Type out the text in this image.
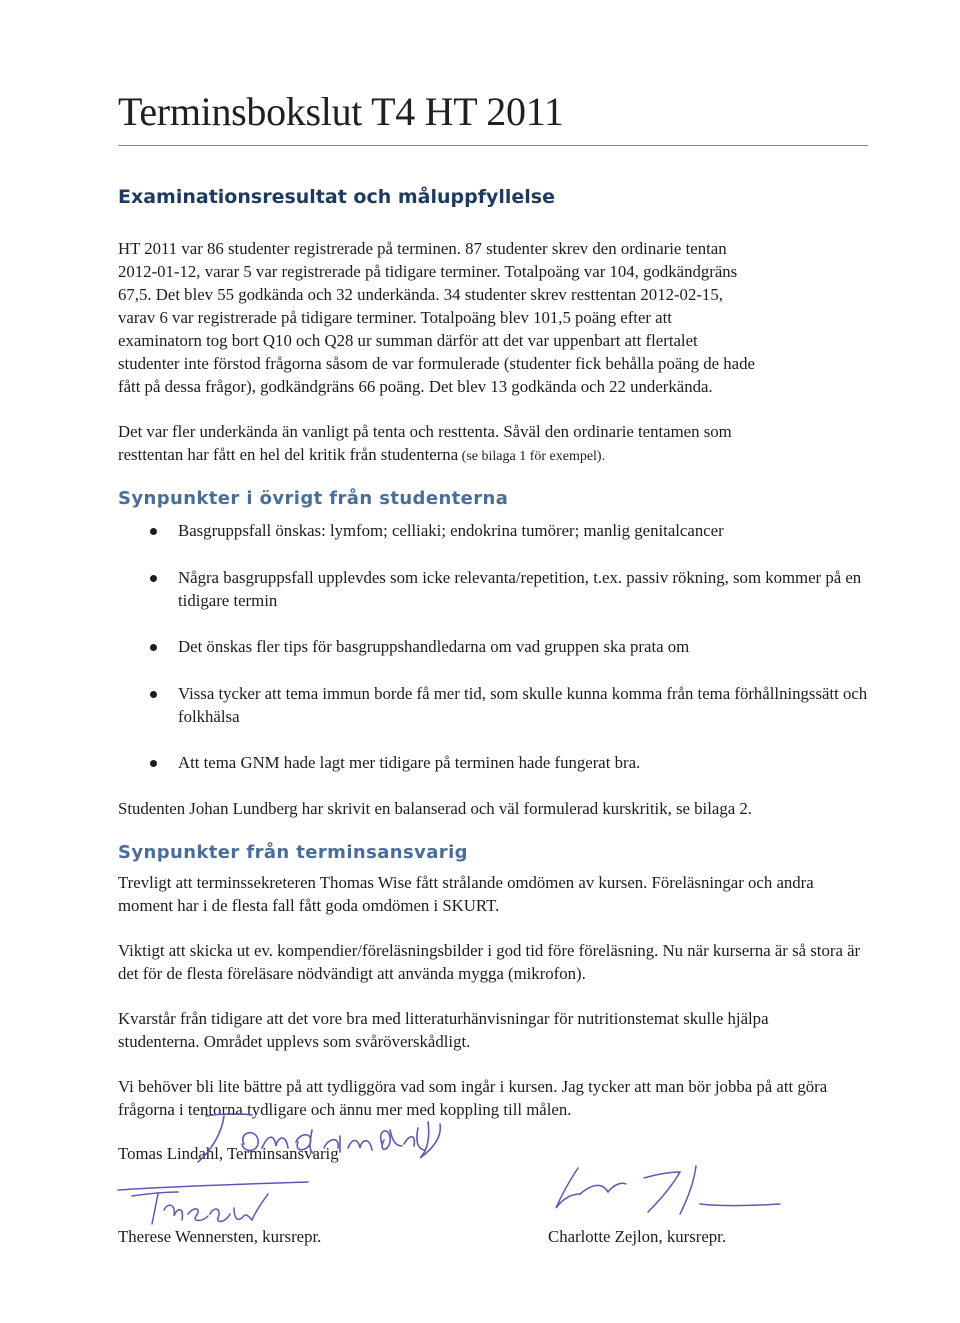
Terminsbokslut T4 HT 2011
Examinationsresultat och måluppfyllelse

HT 2011 var 86 studenter registrerade på terminen. 87 studenter skrev den ordinarie tentan
2012-01-12, varar 5 var registrerade på tidigare terminer. Totalpoäng var 104, godkändgräns
67,5. Det blev 55 godkända och 32 underkända. 34 studenter skrev resttentan 2012-02-15,
varav 6 var registrerade på tidigare terminer. Totalpoäng blev 101,5 poäng efter att
examinatorn tog bort Q10 och Q28 ur summan därför att det var uppenbart att flertalet
studenter inte förstod frågorna såsom de var formulerade (studenter fick behålla poäng de hade
fått på dessa frågor), godkändgräns 66 poäng. Det blev 13 godkända och 22 underkända.

Det var fler underkända än vanligt på tenta och resttenta. Såväl den ordinarie tentamen som
resttentan har fått en hel del kritik från studenterna (se bilaga 1 för exempel).

Synpunkter i övrigt från studenterna
Basgruppsfall önskas: lymfom; celliaki; endokrina tumörer; manlig genitalcancer
Några basgruppsfall upplevdes som icke relevanta/repetition, t.ex. passiv rökning, som kommer på en tidigare termin
Det önskas fler tips för basgruppshandledarna om vad gruppen ska prata om
Vissa tycker att tema immun borde få mer tid, som skulle kunna komma från tema förhållningssätt och folkhälsa
Att tema GNM hade lagt mer tidigare på terminen hade fungerat bra.

Studenten Johan Lundberg har skrivit en balanserad och väl formulerad kurskritik, se bilaga 2.

Synpunkter från terminsansvarig

Trevligt att terminssekreteren Thomas Wise fått strålande omdömen av kursen. Föreläsningar och andra moment har i de flesta fall fått goda omdömen i SKURT.

Viktigt att skicka ut ev. kompendier/föreläsningsbilder i god tid före föreläsning. Nu när kurserna är så stora är det för de flesta föreläsare nödvändigt att använda mygga (mikrofon).

Kvarstår från tidigare att det vore bra med litteraturhänvisningar för nutritionstemat skulle hjälpa studenterna. Området upplevs som svåröverskådligt.

Vi behöver bli lite bättre på att tydliggöra vad som ingår i kursen. Jag tycker att man bör jobba på att göra frågorna i tentorna tydligare och ännu mer med koppling till målen.

Tomas Lindahl, Terminsansvarig
Therese Wennersten, kursrepr.	Charlotte Zejlon, kursrepr.
